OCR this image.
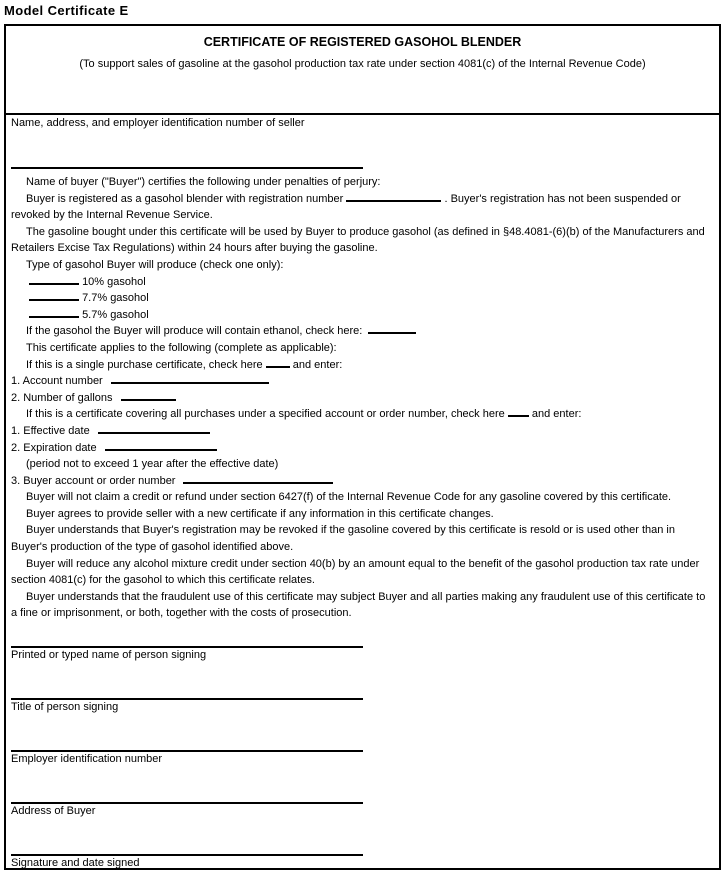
Model Certificate E
CERTIFICATE OF REGISTERED GASOHOL BLENDER
(To support sales of gasoline at the gasohol production tax rate under section 4081(c) of the Internal Revenue Code)
Name, address, and employer identification number of seller

Name of buyer ("Buyer") certifies the following under penalties of perjury:

Buyer is registered as a gasohol blender with registration number	. Buyer's registration has not been suspended or revoked by the Internal Revenue Service.

The gasoline bought under this certificate will be used by Buyer to produce gasohol (as defined in §48.4081-(6)(b) of the Manufacturers and Retailers Excise Tax Regulations) within 24 hours after buying the gasoline.

Type of gasohol Buyer will produce (check one only):

10% gasohol
7.7% gasohol
5.7% gasohol

If the gasohol the Buyer will produce will contain ethanol, check here:

This certificate applies to the following (complete as applicable):

If this is a single purchase certificate, check here	and enter:

1. Account number
2. Number of gallons

If this is a certificate covering all purchases under a specified account or order number, check here and enter:

1. Effective date
2. Expiration date

(period not to exceed 1 year after the effective date)

3. Buyer account or order number

Buyer will not claim a credit or refund under section 6427(f) of the Internal Revenue Code for any gasoline covered by this certificate.

Buyer agrees to provide seller with a new certificate if any information in this certificate changes.

Buyer understands that Buyer's registration may be revoked if the gasoline covered by this certificate is resold or is used other than in Buyer's production of the type of gasohol identified above.

Buyer will reduce any alcohol mixture credit under section 40(b) by an amount equal to the benefit of the gasohol production tax rate under section 4081(c) for the gasohol to which this certificate relates.

Buyer understands that the fraudulent use of this certificate may subject Buyer and all parties making any fraudulent use of this certificate to a fine or imprisonment, or both, together with the costs of prosecution.

Printed or typed name of person signing
Title of person signing
Employer identification number
Address of Buyer
Signature and date signed
